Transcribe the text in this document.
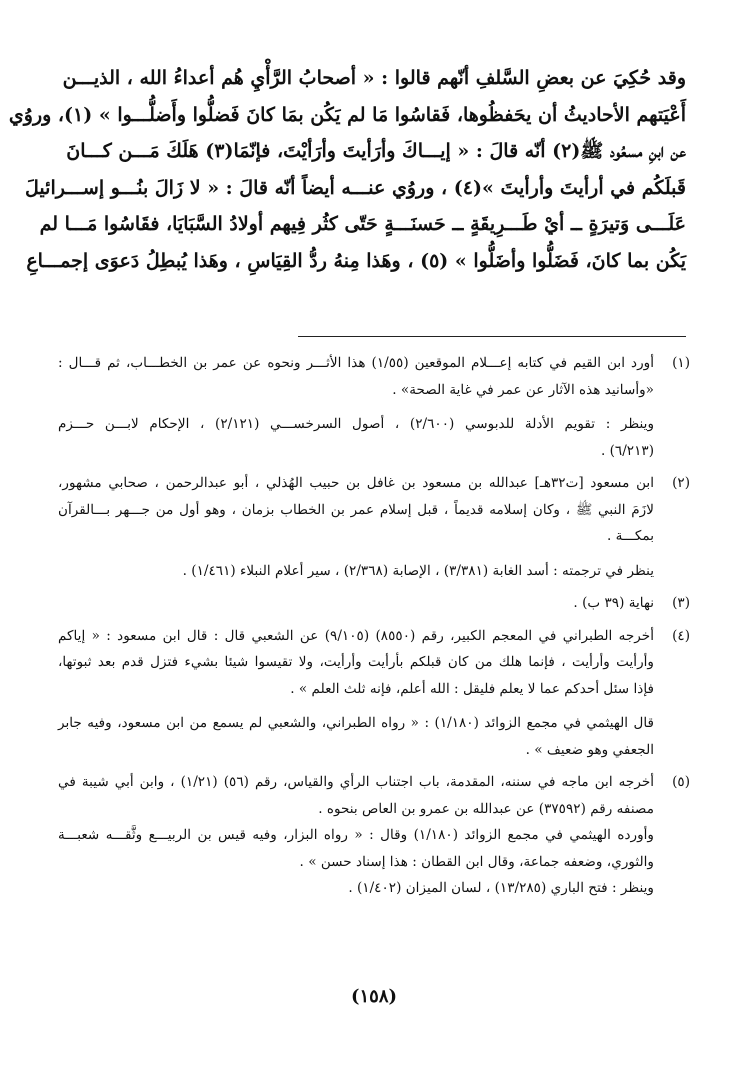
وقد حُكِيَ عن بعضِ السَّلفِ أنّهم قالوا : « أصحابُ الرَّأْيِ هُم أعداءُ الله ، الذيـــن
أَعْيَتهم الأحاديثُ أن يحَفظُوها، فَقاسُوا مَا لم يَكُن بمَا كانَ فَضلُّوا وأَضلُّـــوا » (١)، وروُي
عن ابنِ مسعُود ﷺ(٢) أنّه قالَ : « إيـــاكَ وأرَأيتَ وأرَأيْتَ، فإنّمَا(٣) هَلَكَ مَـــن كـــانَ
قَبلَكُم في أرأيتَ وأرأيتَ »(٤) ، وروُي عنـــه أيضاً أنّه قالَ : « لا زَالَ بنُـــو إســـرائيلَ
عَلَـــى وَتيرَةٍ ــ أيْ طَـــرِيقَةٍ ــ حَسنَـــةٍ حَتّى كثُر فِيهم أولادُ السَّبَايَا، فقَاسُوا مَـــا لم
يَكُن بما كانَ، فَضَلُّوا وأضَلُّوا » (٥) ، وهَذا مِنهُ ردُّ القِيَاسِ ، وهَذا يُبطِلُ دَعوَى إجمـــاعِ
(١)
أورد ابن القيم في كتابه إعـــلام الموقعين (١/٥٥) هذا الأثـــر ونحوه عن عمر بن الخطـــاب، ثم قـــال :
«وأسانيد هذه الآثار عن عمر في غاية الصحة» .
وينظر : تقويم الأدلة للدبوسي (٢/٦٠٠) ، أصول السرخســـي (٢/١٢١) ، الإحكام لابـــن حـــزم
(٦/٢١٣) .
(٢)
ابن مسعود [ت٣٢هـ] عبدالله بن مسعود بن غافل بن حبيب الهُذلي ، أبو عبدالرحمن ، صحابي مشهور،
لازَمَ النبي ﷺ ، وكان إسلامه قديماً ، قبل إسلام عمر بن الخطاب بزمان ، وهو أول من جـــهر بـــالقرآن
بمكـــة .
ينظر في ترجمته : أسد الغابة (٣/٣٨١) ، الإصابة (٢/٣٦٨) ، سير أعلام النبلاء (١/٤٦١) .
(٣)
نهاية (٣٩ ب) .
(٤)
أخرجه الطبراني في المعجم الكبير، رقم (٨٥٥٠) (٩/١٠٥) عن الشعبي قال : قال ابن مسعود : « إياكم
وأرأيت وأرأيت ، فإنما هلك من كان قبلكم بأرأيت وأرأيت، ولا تقيسوا شيئا بشيء فتزل قدم بعد ثبوتها،
فإذا سئل أحدكم عما لا يعلم فليقل : الله أعلم، فإنه ثلث العلم » .
قال الهيثمي في مجمع الزوائد (١/١٨٠) : « رواه الطبراني، والشعبي لم يسمع من ابن مسعود، وفيه جابر
الجعفي وهو ضعيف » .
(٥)
أخرجه ابن ماجه في سننه، المقدمة، باب اجتناب الرأي والقياس، رقم (٥٦) (١/٢١) ، وابن أبي شيبة في
مصنفه رقم (٣٧٥٩٢) عن عبدالله بن عمرو بن العاص بنحوه .
وأورده الهيثمي في مجمع الزوائد (١/١٨٠) وقال : « رواه البزار، وفيه قيس بن الربيـــع وثَّقـــه شعبـــة
والثوري، وضعفه جماعة، وقال ابن القطان : هذا إسناد حسن » .
وينظر : فتح الباري (١٣/٢٨٥) ، لسان الميزان (١/٤٠٢) .
(١٥٨)
